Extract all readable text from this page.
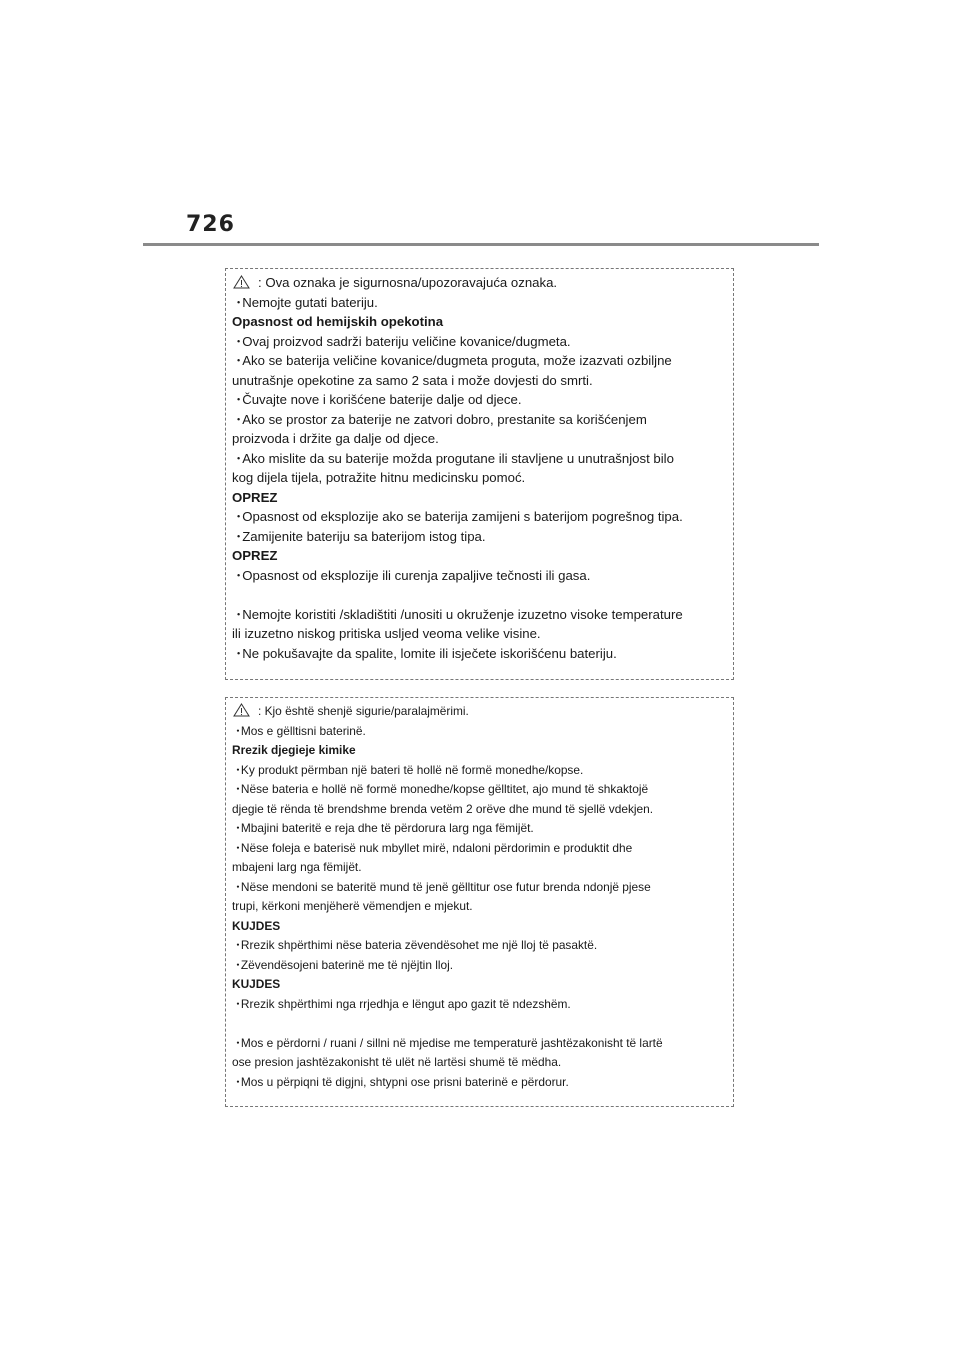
726
: Ova oznaka je sigurnosna/upozoravajuća oznaka.
・ Nemojte gutati bateriju.
Opasnost od hemijskih opekotina
・ Ovaj proizvod sadrži bateriju veličine kovanice/dugmeta.
・ Ako se baterija veličine kovanice/dugmeta proguta, može izazvati ozbiljne
unutrašnje opekotine za samo 2 sata i može dovjesti do smrti.
・ Čuvajte nove i korišćene baterije dalje od djece.
・ Ako se prostor za baterije ne zatvori dobro, prestanite sa korišćenjem
proizvoda i držite ga dalje od djece.
・ Ako mislite da su baterije možda progutane ili stavljene u unutrašnjost bilo
kog dijela tijela, potražite hitnu medicinsku pomoć.
OPREZ
・ Opasnost od eksplozije ako se baterija zamijeni s baterijom pogrešnog tipa.
・ Zamijenite bateriju sa baterijom istog tipa.
OPREZ
・ Opasnost od eksplozije ili curenja zapaljive tečnosti ili gasa.
・ Nemojte koristiti /skladištiti /unositi u okruženje izuzetno visoke temperature
ili izuzetno niskog pritiska usljed veoma velike visine.
・ Ne pokušavajte da spalite, lomite ili isječete iskorišćenu bateriju.
: Kjo është shenjë sigurie/paralajmërimi.
・ Mos e gëlltisni baterinë.
Rrezik djegieje kimike
・ Ky produkt përmban një bateri të hollë në formë monedhe/kopse.
・ Nëse bateria e hollë në formë monedhe/kopse gëlltitet, ajo mund të shkaktojë
djegie të rënda të brendshme brenda vetëm 2 orëve dhe mund të sjellë vdekjen.
・ Mbajini bateritë e reja dhe të përdorura larg nga fëmijët.
・ Nëse foleja e baterisë nuk mbyllet mirë, ndaloni përdorimin e produktit dhe
mbajeni larg nga fëmijët.
・ Nëse mendoni se bateritë mund të jenë gëlltitur ose futur brenda ndonjë pjese
trupi, kërkoni menjëherë vëmendjen e mjekut.
KUJDES
・ Rrezik shpërthimi nëse bateria zëvendësohet me një lloj të pasaktë.
・ Zëvendësojeni baterinë me të njëjtin lloj.
KUJDES
・ Rrezik shpërthimi nga rrjedhja e lëngut apo gazit të ndezshëm.
・ Mos e përdorni / ruani / sillni në mjedise me temperaturë jashtëzakonisht të lartë
ose presion jashtëzakonisht të ulët në lartësi shumë të mëdha.
・ Mos u përpiqni të digjni, shtypni ose prisni baterinë e përdorur.
